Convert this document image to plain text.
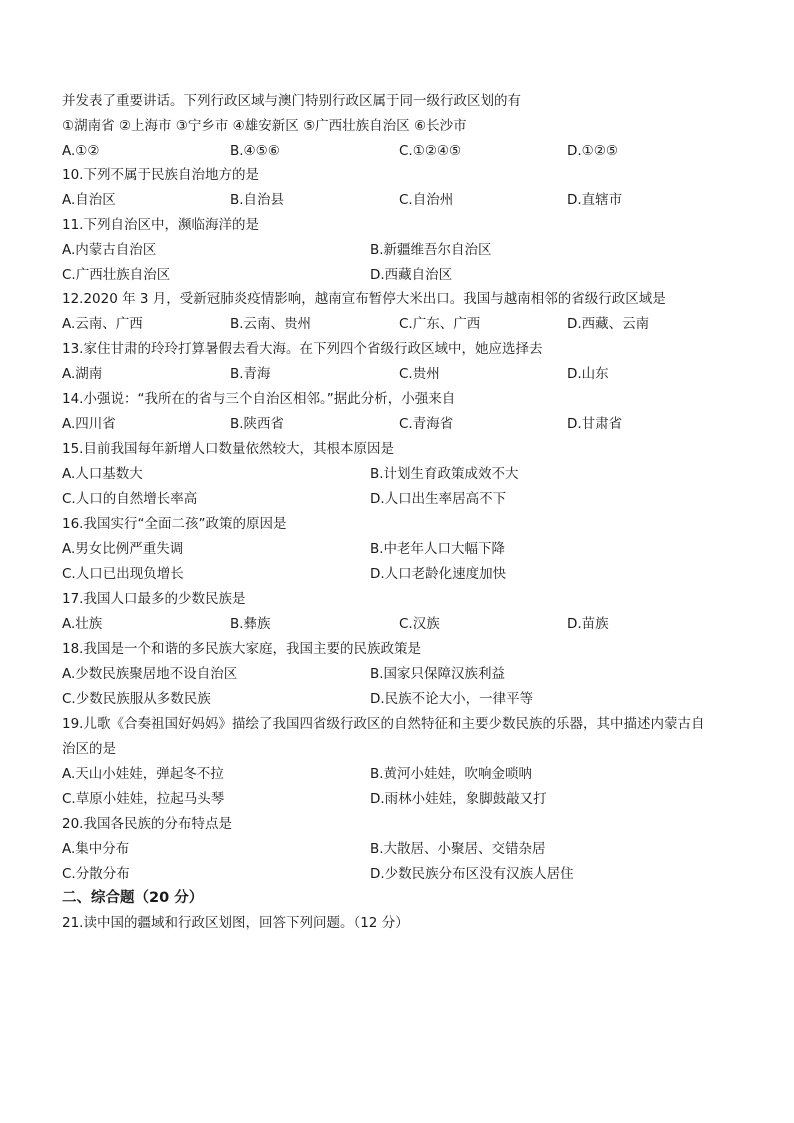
并发表了重要讲话。下列行政区域与澳门特别行政区属于同一级行政区划的有
①湖南省 ②上海市 ③宁乡市 ④雄安新区 ⑤广西壮族自治区 ⑥长沙市
A.①②	B.④⑤⑥	C.①②④⑤	D.①②⑤
10.下列不属于民族自治地方的是
A.自治区	B.自治县	C.自治州	D.直辖市
11.下列自治区中，濒临海洋的是
A.内蒙古自治区	B.新疆维吾尔自治区
C.广西壮族自治区	D.西藏自治区
12.2020 年 3 月，受新冠肺炎疫情影响，越南宣布暂停大米出口。我国与越南相邻的省级行政区域是
A.云南、广西	B.云南、贵州	C.广东、广西	D.西藏、云南
13.家住甘肃的玲玲打算暑假去看大海。在下列四个省级行政区域中，她应选择去
A.湖南	B.青海	C.贵州	D.山东
14.小强说：“我所在的省与三个自治区相邻。”据此分析，小强来自
A.四川省	B.陕西省	C.青海省	D.甘肃省
15.目前我国每年新增人口数量依然较大，其根本原因是
A.人口基数大	B.计划生育政策成效不大
C.人口的自然增长率高	D.人口出生率居高不下
16.我国实行“全面二孩”政策的原因是
A.男女比例严重失调	B.中老年人口大幅下降
C.人口已出现负增长	D.人口老龄化速度加快
17.我国人口最多的少数民族是
A.壮族	B.彝族	C.汉族	D.苗族
18.我国是一个和谐的多民族大家庭，我国主要的民族政策是
A.少数民族聚居地不设自治区	B.国家只保障汉族利益
C.少数民族服从多数民族	D.民族不论大小，一律平等
19.儿歌《合奏祖国好妈妈》描绘了我国四省级行政区的自然特征和主要少数民族的乐器，其中描述内蒙古自
治区的是
A.天山小娃娃，弹起冬不拉	B.黄河小娃娃，吹响金唢呐
C.草原小娃娃，拉起马头琴	D.雨林小娃娃，象脚鼓敲又打
20.我国各民族的分布特点是
A.集中分布	B.大散居、小聚居、交错杂居
C.分散分布	D.少数民族分布区没有汉族人居住
二、综合题（20 分）
21.读中国的疆域和行政区划图，回答下列问题。（12 分）
